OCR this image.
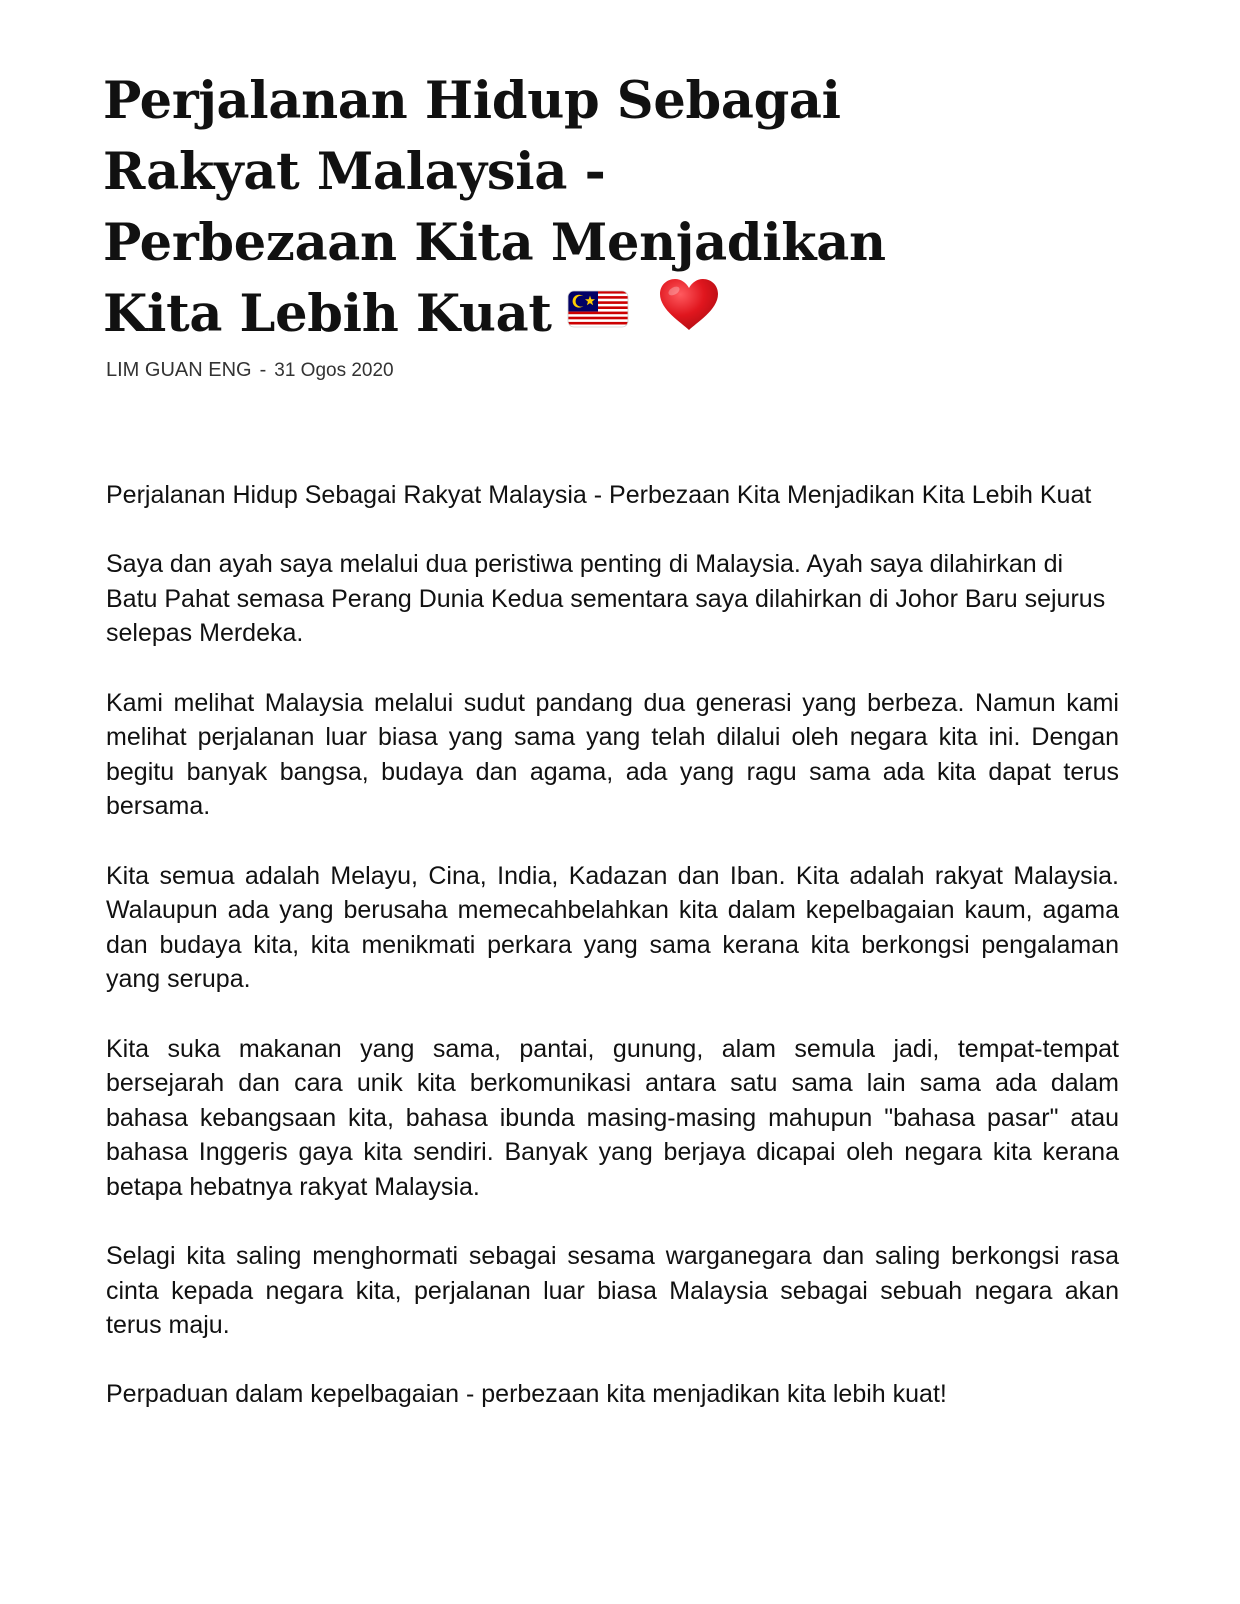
Perjalanan Hidup Sebagai
Rakyat Malaysia -
Perbezaan Kita Menjadikan
Kita Lebih Kuat
LIM GUAN ENG - 31 Ogos 2020

Perjalanan Hidup Sebagai Rakyat Malaysia - Perbezaan Kita Menjadikan Kita Lebih Kuat

Saya dan ayah saya melalui dua peristiwa penting di Malaysia. Ayah saya dilahirkan di Batu Pahat semasa Perang Dunia Kedua sementara saya dilahirkan di Johor Baru sejurus selepas Merdeka.

Kami melihat Malaysia melalui sudut pandang dua generasi yang berbeza. Namun kami melihat perjalanan luar biasa yang sama yang telah dilalui oleh negara kita ini. Dengan begitu banyak bangsa, budaya dan agama, ada yang ragu sama ada kita dapat terus bersama.

Kita semua adalah Melayu, Cina, India, Kadazan dan Iban. Kita adalah rakyat Malaysia. Walaupun ada yang berusaha memecahbelahkan kita dalam kepelbagaian kaum, agama dan budaya kita, kita menikmati perkara yang sama kerana kita berkongsi pengalaman yang serupa.

Kita suka makanan yang sama, pantai, gunung, alam semula jadi, tempat-tempat bersejarah dan cara unik kita berkomunikasi antara satu sama lain sama ada dalam bahasa kebangsaan kita, bahasa ibunda masing-masing mahupun "bahasa pasar" atau bahasa Inggeris gaya kita sendiri. Banyak yang berjaya dicapai oleh negara kita kerana betapa hebatnya rakyat Malaysia.

Selagi kita saling menghormati sebagai sesama warganegara dan saling berkongsi rasa cinta kepada negara kita, perjalanan luar biasa Malaysia sebagai sebuah negara akan terus maju.

Perpaduan dalam kepelbagaian - perbezaan kita menjadikan kita lebih kuat!
